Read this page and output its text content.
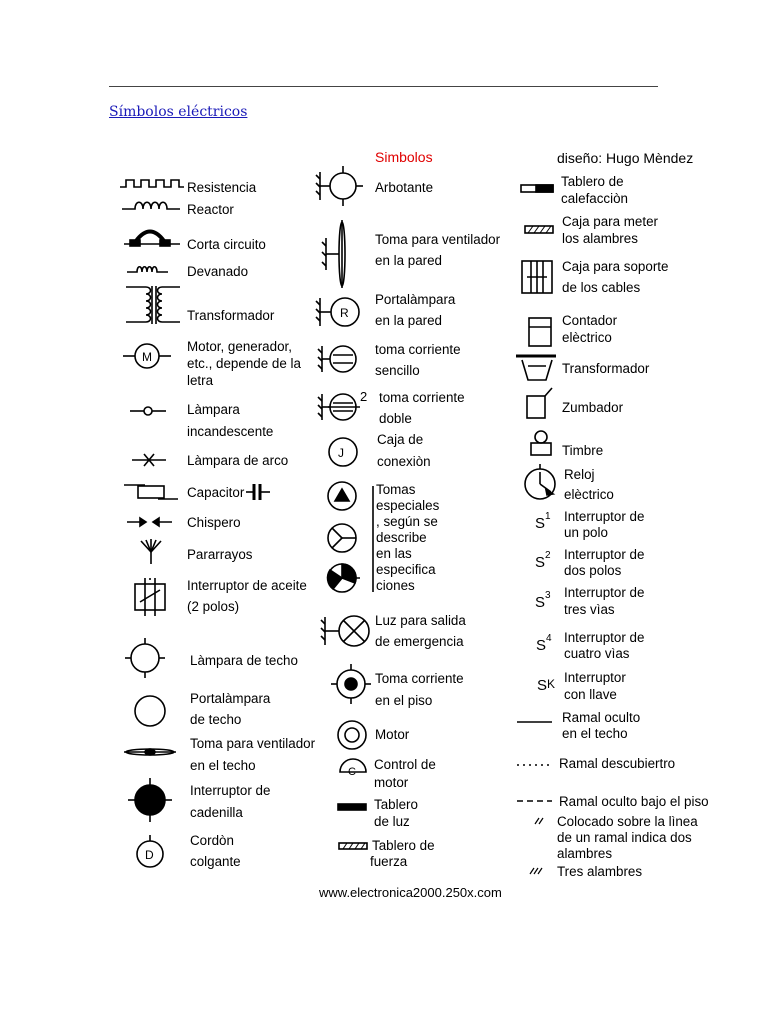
Símbolos eléctricos
Simbolos	diseño: Hugo Mèndez
www.electronica2000.250x.com
M
D
R
2
J
C
S 1
S 2
S 3
S 4
S K
Resistencia
Reactor
Corta circuito
Devanado
Transformador
Motor, generador,
etc., depende de la
letra
Làmpara
incandescente
Làmpara de arco
Capacitor
Chispero
Pararrayos
Interruptor de aceite
(2 polos)
Làmpara de techo
Portalàmpara
de techo
Toma para ventilador
en el techo
Interruptor de
cadenilla
Cordòn
colgante
Arbotante
Toma para ventilador
en la pared
Portalàmpara
en la pared
toma corriente
sencillo
toma corriente
doble
Caja de
conexiòn
Tomas
especiales
, según se
describe
en las
especifica
ciones
Luz para salida
de emergencia
Toma corriente
en el piso
Motor
Control de
motor
Tablero
de luz
Tablero de
fuerza
Tablero de
calefacciòn
Caja para meter
los alambres
Caja para soporte
de los cables
Contador
elèctrico
Transformador
Zumbador
Timbre
Reloj
elèctrico
Interruptor de
un polo
Interruptor de
dos polos
Interruptor de
tres vìas
Interruptor de
cuatro vìas
Interruptor
con llave
Ramal oculto
en el techo
Ramal descubiertro
Ramal oculto bajo el piso
Colocado sobre la lìnea
de un ramal indica dos
alambres
Tres alambres
